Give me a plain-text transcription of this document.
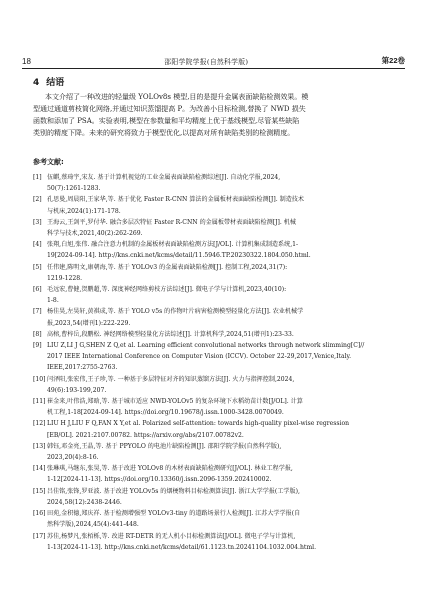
18	邵阳学院学报(自然科学版)	第22卷
4 结语
本文介绍了一种改进的轻量级 YOLOv8s 模型,目的是提升金属表面缺陷检测效果。模
型通过通道剪枝简化网络,并通过知识蒸馏提高 P。为改善小目标检测,替换了 NWD 损失
函数和添加了 PSA。实验表明,模型在参数量和平均精度上优于基线模型,尽管某些缺陷
类别的精度下降。未来的研究将致力于模型优化,以提高对所有缺陷类别的检测精度。
参考文献:
[1] 伍麒,蔡琦宇,宋友. 基于计算机视觉的工业金属表面缺陷检测综述[J]. 自动化学报,2024,
50(7):1261-1283.
[2] 孔思曼,周晨阳,王家华,等. 基于优化 Faster R-CNN 算法的金属板材表面缺陷检测[J]. 制造技术
与机床,2024(1):171-178.
[3] 王海云,王剑平,罗付华. 融合多层次特征 Faster R-CNN 的金属板带材表面缺陷检测[J]. 机械
科学与技术,2021,40(2):262-269.
[4] 张翔,白旭,张伟. 融合注意力机制的金属板材表面缺陷检测方法[J/OL]. 计算机集成制造系统,1-
19[2024-09-14]. http://kns.cnki.net/kcms/detail/11.5946.TP.20230322.1804.050.html.
[5] 任伟建,陈明文,康朝海,等. 基于 YOLOv3 的金属表面缺陷检测[J]. 控制工程,2024,31(7):
1219-1228.
[6] 毛远宏,曹健,贺鹏超,等. 深度神经网络剪枝方法综述[J]. 微电子学与计算机,2023,40(10):
1-8.
[7] 杨佳昊,左昊轩,黄祺成,等. 基于 YOLO v5s 的作物叶片病害检测模型轻量化方法[J]. 农业机械学
报,2023,54(增刊1):222-229.
[8] 高榕,曹梓岳,段鹏松. 神经网络模型轻量化方法综述[J]. 计算机科学,2024,51(增刊1):23-33.
[9] LIU Z,LI J G,SHEN Z Q,et al. Learning efficient convolutional networks through network slimming[C]//
2017 IEEE International Conference on Computer Vision (ICCV). October 22-29,2017,Venice,Italy.
IEEE,2017:2755-2763.
[10] 闫泽阳,张宏伟,王子珍,等. 一种基于多层特征对齐的知识蒸馏方法[J]. 火力与指挥控制,2024,
49(6):193-199,207.
[11] 崔金来,叶伟浩,郑晗,等. 基于城市适应 NWD-YOLOv5 的复杂环境下水稻幼苗计数[J/OL]. 计算
机工程,1-18[2024-09-14]. https://doi.org/10.19678/j.issn.1000-3428.0070049.
[12] LIU H J,LIU F Q,FAN X Y,et al. Polarized self-attention: towards high-quality pixel-wise regression
[EB/OL]. 2021:2107.00782. https://arxiv.org/abs/2107.00782v2.
[13] 韩钰,邓金亮,王晶,等. 基于 PPYOLO 的电池片缺陷检测[J]. 邵阳学院学报(自然科学版),
2023,20(4):8-16.
[14] 张琳琪,马继东,张昊,等. 基于改进 YOLOv8 的木材表面缺陷检测研究[J/OL]. 林业工程学报,
1-12[2024-11-13]. https://doi.org/10.13360/j.issn.2096-1359.202410002.
[15] 吕佳铭,张锋,罗亚波. 基于改进 YOLOv5s 的烟梗物料目标检测算法[J]. 浙江大学学报(工学版),
2024,58(12):2438-2446.
[16] 田苑,金积德,郑庆祥. 基于检测增强型 YOLOv3-tiny 的道路场景行人检测[J]. 江苏大学学报(自
然科学版),2024,45(4):441-448.
[17] 苏佳,杨梦凡,张栢栎,等. 改进 RT-DETR 的无人机小目标检测算法[J/OL]. 微电子学与计算机,
1-13[2024-11-13]. http://kns.cnki.net/kcms/detail/61.1123.tn.20241104.1032.004.html.
